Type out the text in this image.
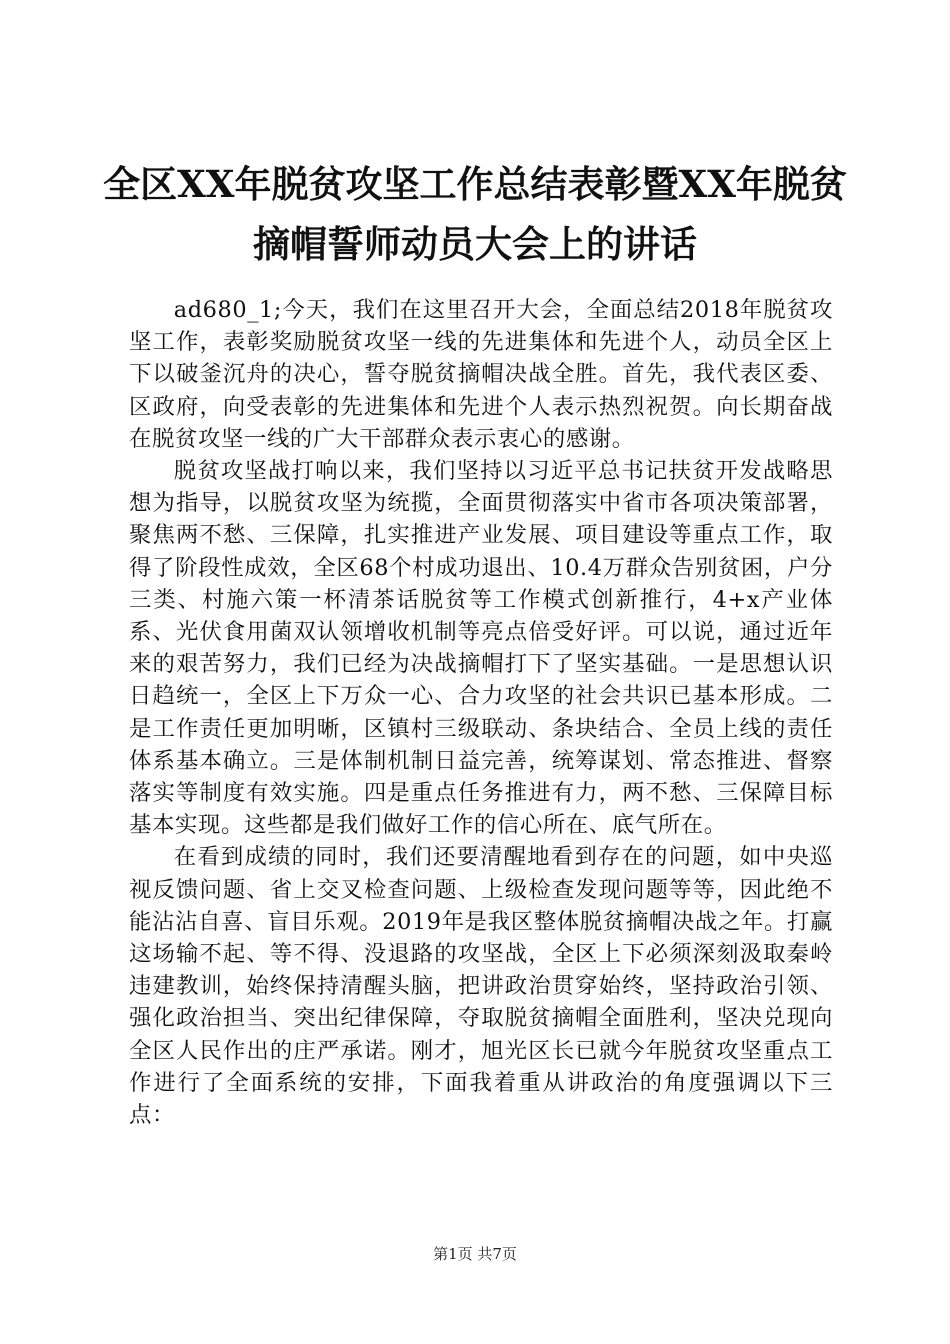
全区XX年脱贫攻坚工作总结表彰暨XX年脱贫
摘帽誓师动员大会上的讲话

ad680_1;今天，我们在这里召开大会，全面总结2018年脱贫攻坚工作，表彰奖励脱贫攻坚一线的先进集体和先进个人，动员全区上下以破釜沉舟的决心，誓夺脱贫摘帽决战全胜。首先，我代表区委、区政府，向受表彰的先进集体和先进个人表示热烈祝贺。向长期奋战在脱贫攻坚一线的广大干部群众表示衷心的感谢。

脱贫攻坚战打响以来，我们坚持以习近平总书记扶贫开发战略思想为指导，以脱贫攻坚为统揽，全面贯彻落实中省市各项决策部署，聚焦两不愁、三保障，扎实推进产业发展、项目建设等重点工作，取得了阶段性成效，全区68个村成功退出、10.4万群众告别贫困，户分三类、村施六策一杯清茶话脱贫等工作模式创新推行，4+x产业体系、光伏食用菌双认领增收机制等亮点倍受好评。可以说，通过近年来的艰苦努力，我们已经为决战摘帽打下了坚实基础。一是思想认识日趋统一，全区上下万众一心、合力攻坚的社会共识已基本形成。二是工作责任更加明晰，区镇村三级联动、条块结合、全员上线的责任体系基本确立。三是体制机制日益完善，统筹谋划、常态推进、督察落实等制度有效实施。四是重点任务推进有力，两不愁、三保障目标基本实现。这些都是我们做好工作的信心所在、底气所在。

在看到成绩的同时，我们还要清醒地看到存在的问题，如中央巡视反馈问题、省上交叉检查问题、上级检查发现问题等等，因此绝不能沾沾自喜、盲目乐观。2019年是我区整体脱贫摘帽决战之年。打赢这场输不起、等不得、没退路的攻坚战，全区上下必须深刻汲取秦岭违建教训，始终保持清醒头脑，把讲政治贯穿始终，坚持政治引领、强化政治担当、突出纪律保障，夺取脱贫摘帽全面胜利，坚决兑现向全区人民作出的庄严承诺。刚才，旭光区长已就今年脱贫攻坚重点工作进行了全面系统的安排，下面我着重从讲政治的角度强调以下三点：

第1页 共7页
